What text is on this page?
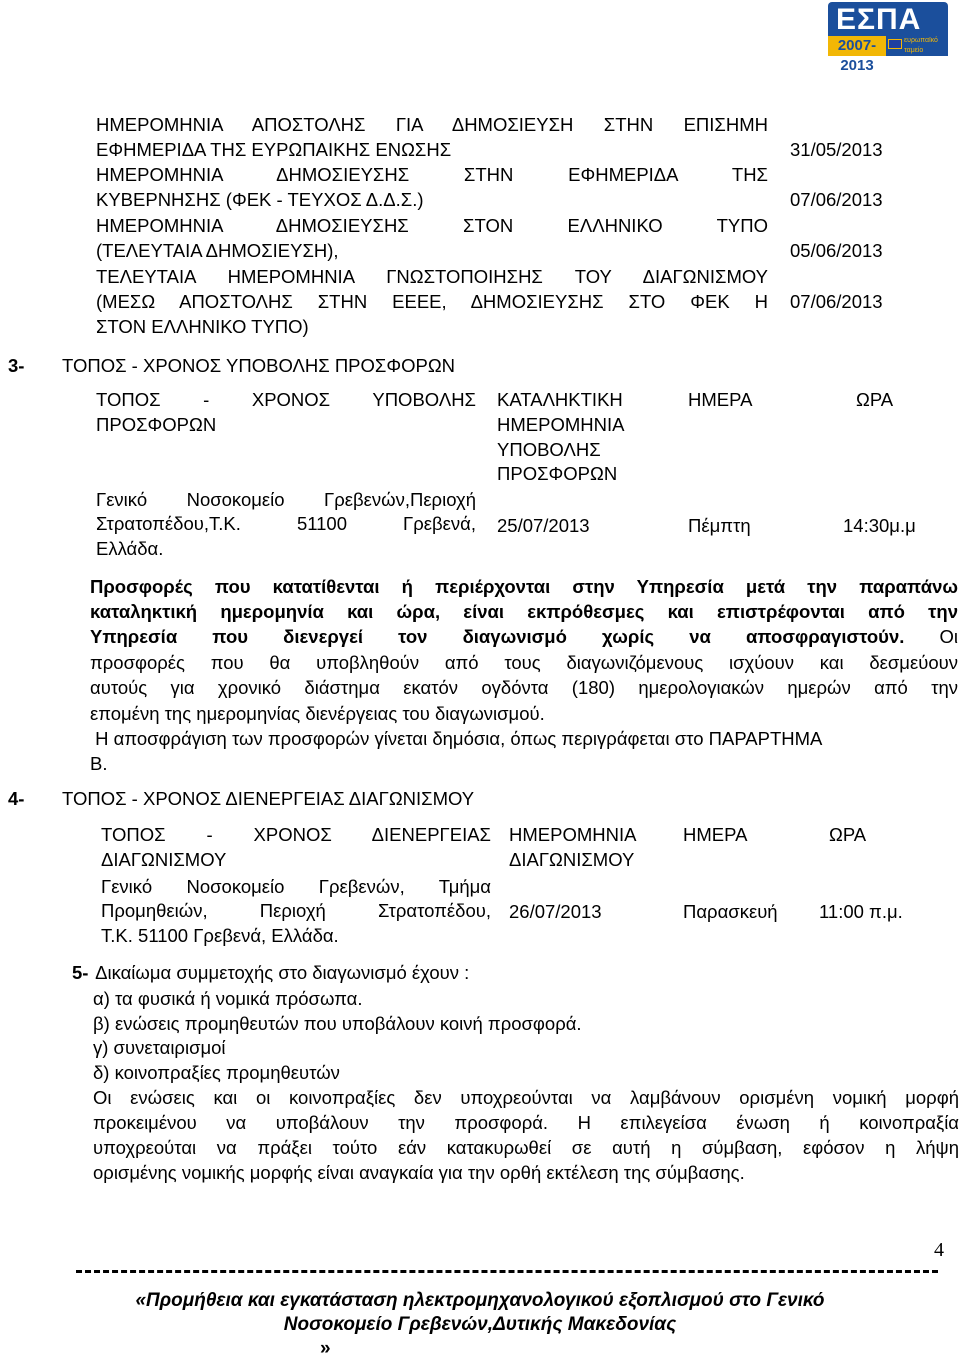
ΕΣΠΑ
2007-2013
ευρωπαϊκό ταμείο
ΗΜΕΡΟΜΗΝΙΑ ΑΠΟΣΤΟΛΗΣ ΓΙΑ ΔΗΜΟΣΙΕΥΣΗ ΣΤΗΝ ΕΠΙΣΗΜΗ
ΕΦΗΜΕΡΙΔΑ ΤΗΣ ΕΥΡΩΠΑΙΚΗΣ ΕΝΩΣΗΣ	31/05/2013
ΗΜΕΡΟΜΗΝΙΑ ΔΗΜΟΣΙΕΥΣΗΣ ΣΤΗΝ ΕΦΗΜΕΡΙΔΑ ΤΗΣ
ΚΥΒΕΡΝΗΣΗΣ (ΦΕΚ - ΤΕΥΧΟΣ Δ.Δ.Σ.)	07/06/2013
ΗΜΕΡΟΜΗΝΙΑ ΔΗΜΟΣΙΕΥΣΗΣ ΣΤΟΝ ΕΛΛΗΝΙΚΟ ΤΥΠΟ
(ΤΕΛΕΥΤΑΙΑ ΔΗΜΟΣΙΕΥΣΗ),	05/06/2013
ΤΕΛΕΥΤΑΙΑ ΗΜΕΡΟΜΗΝΙΑ ΓΝΩΣΤΟΠΟΙΗΣΗΣ ΤΟΥ ΔΙΑΓΩΝΙΣΜΟΥ
(ΜΕΣΩ ΑΠΟΣΤΟΛΗΣ ΣΤΗΝ ΕΕΕΕ, ΔΗΜΟΣΙΕΥΣΗΣ ΣΤΟ ΦΕΚ Η
ΣΤΟΝ ΕΛΛΗΝΙΚΟ ΤΥΠΟ)
07/06/2013
3- ΤΟΠΟΣ - ΧΡΟΝΟΣ ΥΠΟΒΟΛΗΣ ΠΡΟΣΦΟΡΩΝ
ΤΟΠΟΣ - ΧΡΟΝΟΣ ΥΠΟΒΟΛΗΣ
ΠΡΟΣΦΟΡΩΝ
ΚΑΤΑΛΗΚΤΙΚΗ
ΗΜΕΡΟΜΗΝΙΑ
ΥΠΟΒΟΛΗΣ
ΠΡΟΣΦΟΡΩΝ
ΗΜΕΡΑ	ΩΡΑ
Γενικό Νοσοκομείο Γρεβενών,Περιοχή
Στρατοπέδου,Τ.Κ. 51100 Γρεβενά,
Ελλάδα.
25/07/2013	Πέμπτη	14:30μ.μ
Προσφορές που κατατίθενται ή περιέρχονται στην Υπηρεσία μετά την παραπάνω
καταληκτική ημερομηνία και ώρα, είναι εκπρόθεσμες και επιστρέφονται από την
Υπηρεσία που διενεργεί τον διαγωνισμό χωρίς να αποσφραγιστούν. Οι
προσφορές που θα υποβληθούν από τους διαγωνιζόμενους ισχύουν και δεσμεύουν
αυτούς για χρονικό διάστημα εκατόν ογδόντα (180) ημερολογιακών ημερών από την
επομένη της ημερομηνίας διενέργειας του διαγωνισμού.
Η αποσφράγιση των προσφορών γίνεται δημόσια, όπως περιγράφεται στο ΠΑΡΑΡΤΗΜΑ
Β.
4- ΤΟΠΟΣ - ΧΡΟΝΟΣ ΔΙΕΝΕΡΓΕΙΑΣ ΔΙΑΓΩΝΙΣΜΟΥ
ΤΟΠΟΣ - ΧΡΟΝΟΣ ΔΙΕΝΕΡΓΕΙΑΣ
ΔΙΑΓΩΝΙΣΜΟΥ
ΗΜΕΡΟΜΗΝΙΑ
ΔΙΑΓΩΝΙΣΜΟΥ
ΗΜΕΡΑ	ΩΡΑ
Γενικό Νοσοκομείο Γρεβενών, Τμήμα
Προμηθειών, Περιοχή Στρατοπέδου,
Τ.Κ. 51100 Γρεβενά, Ελλάδα.
26/07/2013	Παρασκευή 11:00 π.μ.
5- Δικαίωμα συμμετοχής στο διαγωνισμό έχουν :
α) τα φυσικά ή νομικά πρόσωπα.
β) ενώσεις προμηθευτών που υποβάλουν κοινή προσφορά.
γ) συνεταιρισμοί
δ) κοινοπραξίες προμηθευτών
Οι ενώσεις και οι κοινοπραξίες δεν υποχρεούνται να λαμβάνουν ορισμένη νομική μορφή
προκειμένου να υποβάλουν την προσφορά. Η επιλεγείσα ένωση ή κοινοπραξία
υποχρεούται να πράξει τούτο εάν κατακυρωθεί σε αυτή η σύμβαση, εφόσον η λήψη
ορισμένης νομικής μορφής είναι αναγκαία για την ορθή εκτέλεση της σύμβασης.
4
«Προμήθεια και εγκατάσταση ηλεκτρομηχανολογικού εξοπλισμού στο Γενικό
Νοσοκομείο Γρεβενών,Δυτικής Μακεδονίας
»
